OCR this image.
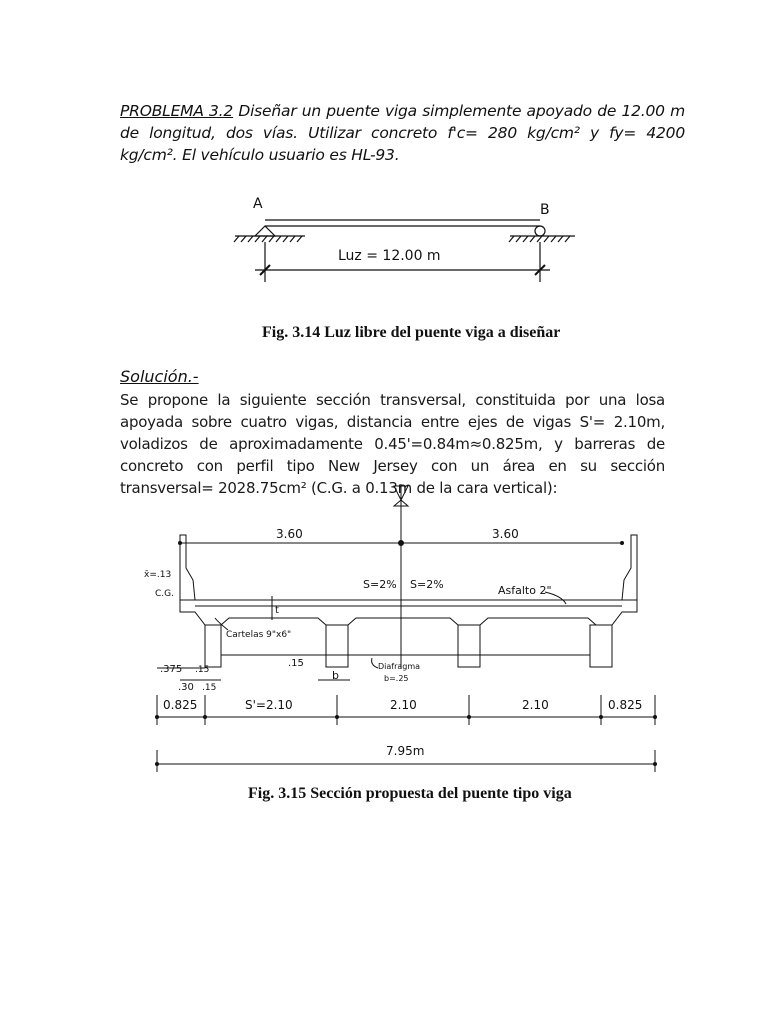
PROBLEMA 3.2 Diseñar un puente viga simplemente apoyado de 12.00 m de longitud, dos vías. Utilizar concreto f'c= 280 kg/cm² y fy= 4200 kg/cm². El vehículo usuario es HL-93.
A	B
Luz = 12.00 m
Fig. 3.14 Luz libre del puente viga a diseñar
Solución.-
Se propone la siguiente sección transversal, constituida por una losa apoyada sobre cuatro vigas, distancia entre ejes de vigas S'= 2.10m, voladizos de aproximadamente 0.45'=0.84m≈0.825m, y barreras de concreto con perfil tipo New Jersey con un área en su sección transversal= 2028.75cm² (C.G. a 0.13m de la cara vertical):
3.60	3.60
x̄=.13
C.G.
S=2% S=2%	Asfalto 2"
t
Cartelas 9"x6"
.375 .15
.30 .15
.15
b
Diafragma
b=.25
0.825	S'=2.10	2.10	2.10	0.825
7.95m
Fig. 3.15 Sección propuesta del puente tipo viga
